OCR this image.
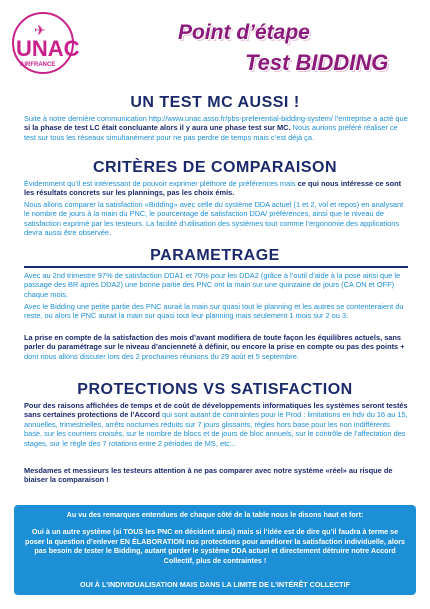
✈
UNAC
AIRFRANCE
Point d’étape
Test BIDDING
UN TEST MC AUSSI !

Suite à notre dernière communication http://www.unac.asso.fr/pbs-preferential-bidding-system/ l’entreprise a acté que si la phase de test LC était concluante alors il y aura une phase test sur MC. Nous aurions préféré réaliser ce test sur tous les réseaux simultanément pour ne pas perdre de temps mais c’est déjà ça.

CRITÈRES DE COMPARAISON

Évidemment qu’il est intéressant de pouvoir exprimer pléthore de préférences mais ce qui nous intéresse ce sont les résultats concrets sur les plannings, pas les choix émis.

Nous allons comparer la satisfaction «Bidding» avec celle du système DDA actuel (1 et 2, vol et repos) en analysant le nombre de jours à la main du PNC, le pourcentage de satisfaction DDA/ préférences, ainsi que le niveau de satisfaction exprimé par les testeurs. La facilité d’utilisation des systèmes tout comme l’ergonomie des applications devra aussi être observée.

PARAMETRAGE

Avec au 2nd trimestre 97% de satisfaction DDA1 et 70% pour les DDA2 (grâce à l’outil d’aide à la pose ainsi que le passage des BR après DDA2) une bonne partie des PNC ont la main sur une quinzaine de jours (CA ON et OFF) chaque mois.

Avec le Bidding une petite partie des PNC aurait la main sur quasi tout le planning et les autres se contenteraient du reste, ou alors le PNC aurait la main sur quasi tout leur planning mais seulement 1 mois sur 2 ou 3.

La prise en compte de la satisfaction des mois d’avant modifiera de toute façon les équilibres actuels, sans parler du paramétrage sur le niveau d’ancienneté à définir, ou encore la prise en compte ou pas des points + dont nous allons discuter lors des 2 prochaines réunions du 29 août et 5 septembre.

PROTECTIONS VS SATISFACTION

Pour des raisons affichées de temps et de coût de développements informatiques les systèmes seront testés sans certaines protections de l’Accord qui sont autant de contraintes pour le Prod : limitations en hdv du 16 au 15, annuelles, trimestrielles, arrêts nocturnes réduits sur 7 jours glissants, règles hors base pour les non indifférents base, sur les courriers croisés, sur le nombre de blocs et de jours de bloc annuels, sur le contrôle de l’affectation des stages, sur le règle des 7 rotations entre 2 périodes de MS, etc...

Mesdames et messieurs les testeurs attention à ne pas comparer avec notre système «réel» au risque de biaiser la comparaison !

Au vu des remarques entendues de chaque côté de la table nous le disons haut et fort:

Oui à un autre système (si TOUS les PNC en décident ainsi) mais si l’idée est de dire qu’il faudra à terme se poser la question d’enlever EN ÉLABORATION nos protections pour améliorer la satisfaction individuelle, alors pas besoin de tester le Bidding, autant garder le système DDA actuel et directement détruire notre Accord Collectif, plus de contraintes !

OUI À L’INDIVIDUALISATION MAIS DANS LA LIMITE DE L’INTÉRÊT COLLECTIF
